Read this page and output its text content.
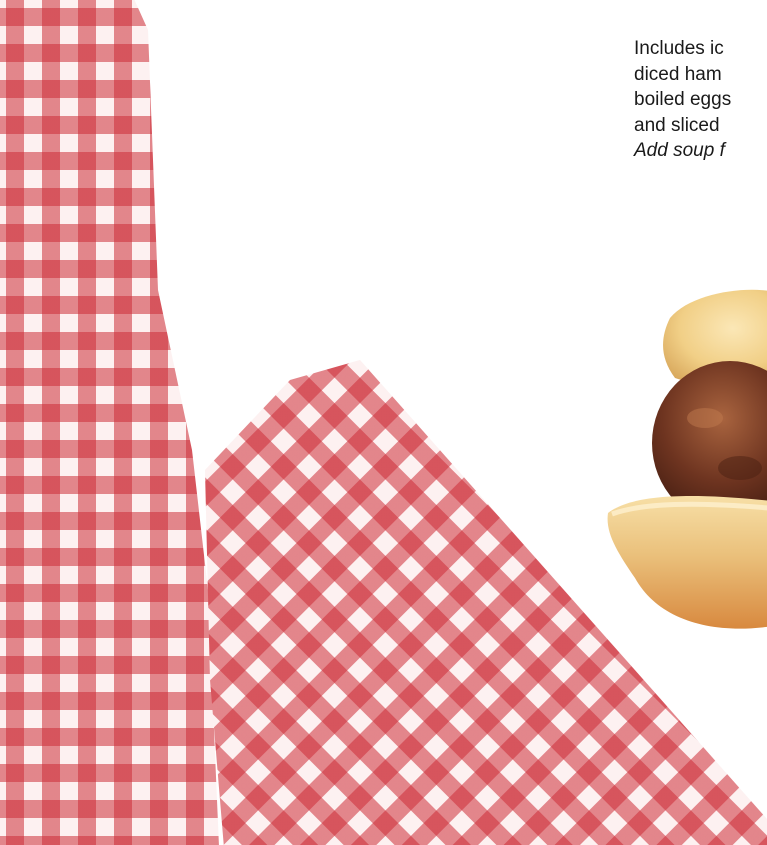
Includes ic
diced ham
boiled eggs
and sliced
Add soup f
